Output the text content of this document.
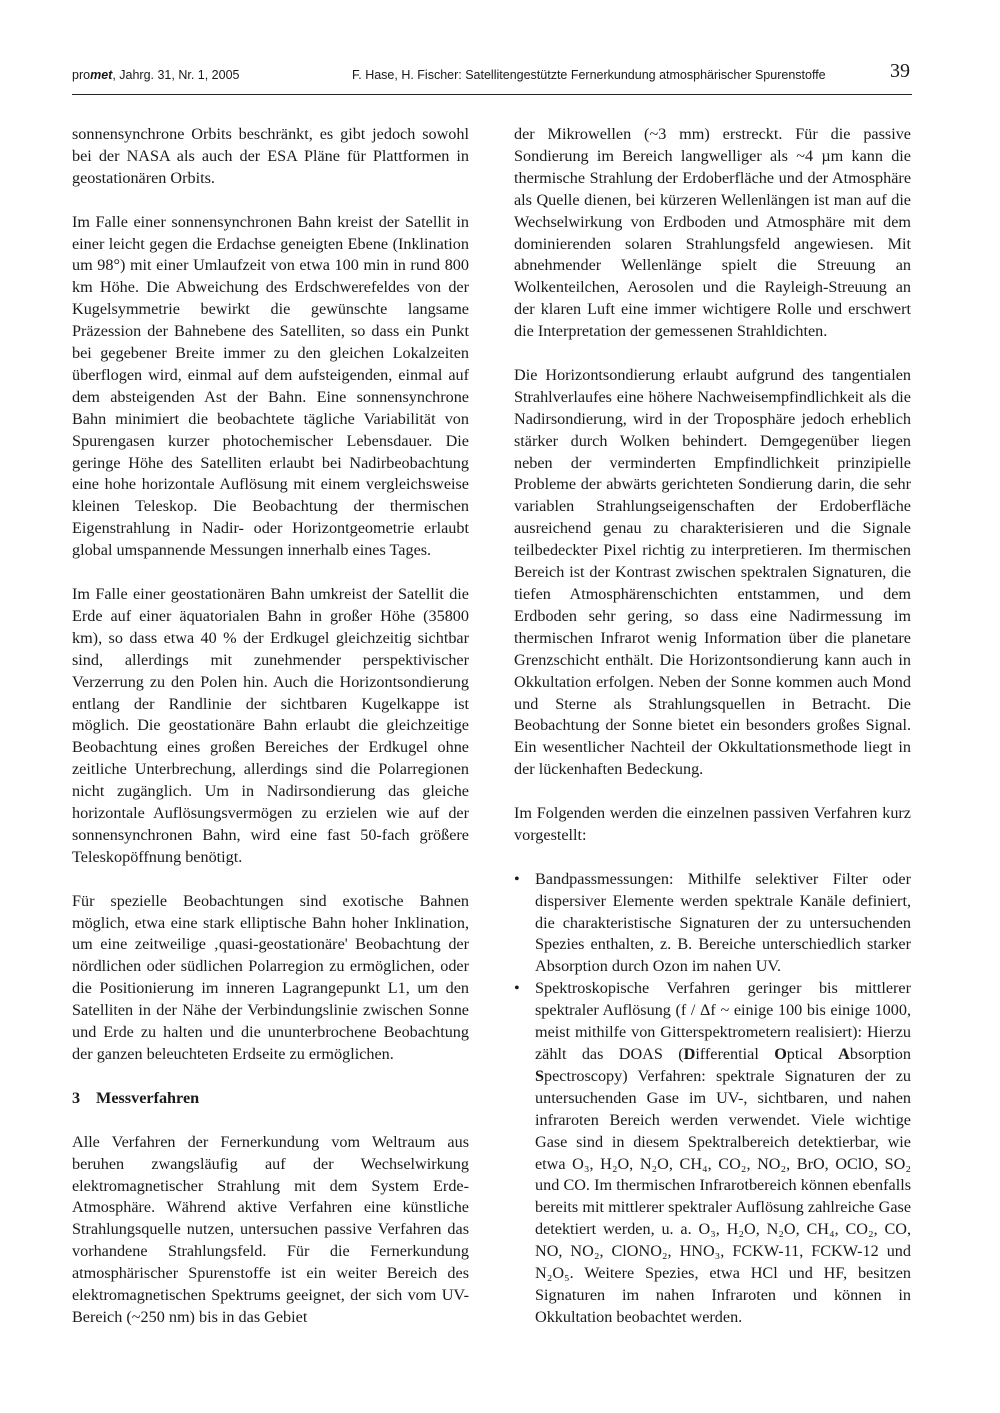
promet, Jahrg. 31, Nr. 1, 2005	F. Hase, H. Fischer: Satellitengestützte Fernerkundung atmosphärischer Spurenstoffe	39

sonnensynchrone Orbits beschränkt, es gibt jedoch sowohl bei der NASA als auch der ESA Pläne für Plattformen in geostationären Orbits.

Im Falle einer sonnensynchronen Bahn kreist der Satellit in einer leicht gegen die Erdachse geneigten Ebene (Inklination um 98°) mit einer Umlaufzeit von etwa 100 min in rund 800 km Höhe. Die Abweichung des Erdschwerefeldes von der Kugelsymmetrie bewirkt die gewünschte langsame Präzession der Bahnebene des Satelliten, so dass ein Punkt bei gegebener Breite immer zu den gleichen Lokalzeiten überflogen wird, einmal auf dem aufsteigenden, einmal auf dem absteigenden Ast der Bahn. Eine sonnensynchrone Bahn minimiert die beobachtete tägliche Variabilität von Spurengasen kurzer photochemischer Lebensdauer. Die geringe Höhe des Satelliten erlaubt bei Nadirbeobachtung eine hohe horizontale Auflösung mit einem vergleichsweise kleinen Teleskop. Die Beobachtung der thermischen Eigenstrahlung in Nadir- oder Horizontgeometrie erlaubt global umspannende Messungen innerhalb eines Tages.

Im Falle einer geostationären Bahn umkreist der Satellit die Erde auf einer äquatorialen Bahn in großer Höhe (35800 km), so dass etwa 40 % der Erdkugel gleichzeitig sichtbar sind, allerdings mit zunehmender perspektivischer Verzerrung zu den Polen hin. Auch die Horizontsondierung entlang der Randlinie der sichtbaren Kugelkappe ist möglich. Die geostationäre Bahn erlaubt die gleichzeitige Beobachtung eines großen Bereiches der Erdkugel ohne zeitliche Unterbrechung, allerdings sind die Polarregionen nicht zugänglich. Um in Nadirsondierung das gleiche horizontale Auflösungsvermögen zu erzielen wie auf der sonnensynchronen Bahn, wird eine fast 50-fach größere Teleskopöffnung benötigt.

Für spezielle Beobachtungen sind exotische Bahnen möglich, etwa eine stark elliptische Bahn hoher Inklination, um eine zeitweilige ‚quasi-geostationäre' Beobachtung der nördlichen oder südlichen Polarregion zu ermöglichen, oder die Positionierung im inneren Lagrangepunkt L1, um den Satelliten in der Nähe der Verbindungslinie zwischen Sonne und Erde zu halten und die ununterbrochene Beobachtung der ganzen beleuchteten Erdseite zu ermöglichen.

3 Messverfahren

Alle Verfahren der Fernerkundung vom Weltraum aus beruhen zwangsläufig auf der Wechselwirkung elektromagnetischer Strahlung mit dem System Erde-Atmosphäre. Während aktive Verfahren eine künstliche Strahlungsquelle nutzen, untersuchen passive Verfahren das vorhandene Strahlungsfeld. Für die Fernerkundung atmosphärischer Spurenstoffe ist ein weiter Bereich des elektromagnetischen Spektrums geeignet, der sich vom UV-Bereich (~250 nm) bis in das Gebiet

der Mikrowellen (~3 mm) erstreckt. Für die passive Sondierung im Bereich langwelliger als ~4 µm kann die thermische Strahlung der Erdoberfläche und der Atmosphäre als Quelle dienen, bei kürzeren Wellenlängen ist man auf die Wechselwirkung von Erdboden und Atmosphäre mit dem dominierenden solaren Strahlungsfeld angewiesen. Mit abnehmender Wellenlänge spielt die Streuung an Wolkenteilchen, Aerosolen und die Rayleigh-Streuung an der klaren Luft eine immer wichtigere Rolle und erschwert die Interpretation der gemessenen Strahldichten.

Die Horizontsondierung erlaubt aufgrund des tangentialen Strahlverlaufes eine höhere Nachweisempfindlichkeit als die Nadirsondierung, wird in der Troposphäre jedoch erheblich stärker durch Wolken behindert. Demgegenüber liegen neben der verminderten Empfindlichkeit prinzipielle Probleme der abwärts gerichteten Sondierung darin, die sehr variablen Strahlungseigenschaften der Erdoberfläche ausreichend genau zu charakterisieren und die Signale teilbedeckter Pixel richtig zu interpretieren. Im thermischen Bereich ist der Kontrast zwischen spektralen Signaturen, die tiefen Atmosphärenschichten entstammen, und dem Erdboden sehr gering, so dass eine Nadirmessung im thermischen Infrarot wenig Information über die planetare Grenzschicht enthält. Die Horizontsondierung kann auch in Okkultation erfolgen. Neben der Sonne kommen auch Mond und Sterne als Strahlungsquellen in Betracht. Die Beobachtung der Sonne bietet ein besonders großes Signal. Ein wesentlicher Nachteil der Okkultationsmethode liegt in der lückenhaften Bedeckung.

Im Folgenden werden die einzelnen passiven Verfahren kurz vorgestellt:

• Bandpassmessungen: Mithilfe selektiver Filter oder dispersiver Elemente werden spektrale Kanäle definiert, die charakteristische Signaturen der zu untersuchenden Spezies enthalten, z. B. Bereiche unterschiedlich starker Absorption durch Ozon im nahen UV.
• Spektroskopische Verfahren geringer bis mittlerer spektraler Auflösung (f / Δf ~ einige 100 bis einige 1000, meist mithilfe von Gitterspektrometern realisiert): Hierzu zählt das DOAS (Differential Optical Absorption Spectroscopy) Verfahren: spektrale Signaturen der zu untersuchenden Gase im UV-, sichtbaren, und nahen infraroten Bereich werden verwendet. Viele wichtige Gase sind in diesem Spektralbereich detektierbar, wie etwa O₃, H₂O, N₂O, CH₄, CO₂, NO₂, BrO, OClO, SO₂ und CO. Im thermischen Infrarotbereich können ebenfalls bereits mit mittlerer spektraler Auflösung zahlreiche Gase detektiert werden, u. a. O₃, H₂O, N₂O, CH₄, CO₂, CO, NO, NO₂, ClONO₂, HNO₃, FCKW-11, FCKW-12 und N₂O₅. Weitere Spezies, etwa HCl und HF, besitzen Signaturen im nahen Infraroten und können in Okkultation beobachtet werden.
